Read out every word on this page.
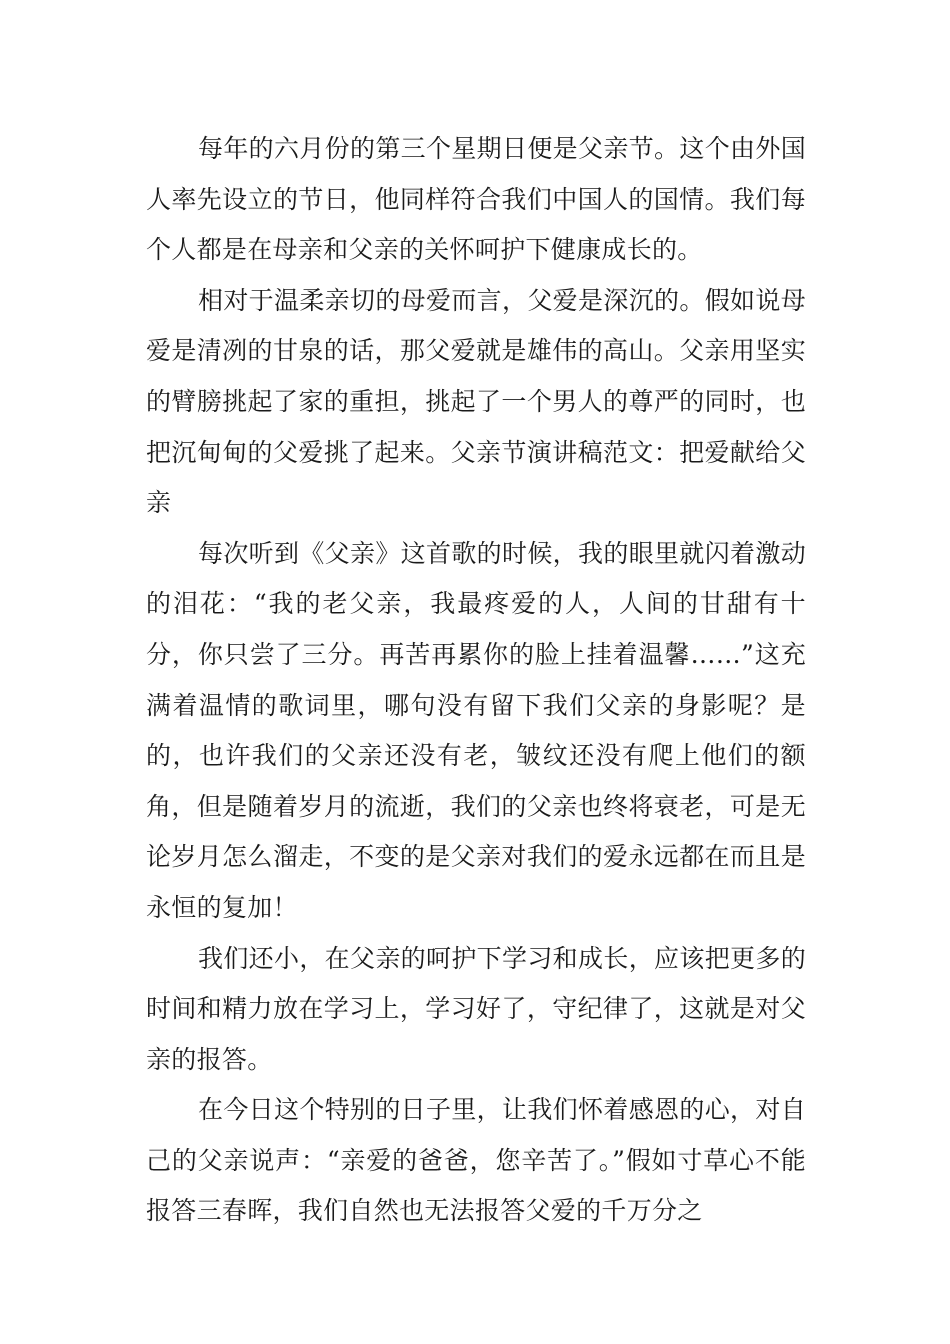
每年的六月份的第三个星期日便是父亲节。这个由外国人率先设立的节日，他同样符合我们中国人的国情。我们每个人都是在母亲和父亲的关怀呵护下健康成长的。

相对于温柔亲切的母爱而言，父爱是深沉的。假如说母爱是清冽的甘泉的话，那父爱就是雄伟的高山。父亲用坚实的臂膀挑起了家的重担，挑起了一个男人的尊严的同时，也把沉甸甸的父爱挑了起来。父亲节演讲稿范文：把爱献给父亲

每次听到《父亲》这首歌的时候，我的眼里就闪着激动的泪花：“我的老父亲，我最疼爱的人，人间的甘甜有十分，你只尝了三分。再苦再累你的脸上挂着温馨……”这充满着温情的歌词里，哪句没有留下我们父亲的身影呢？是的，也许我们的父亲还没有老，皱纹还没有爬上他们的额角，但是随着岁月的流逝，我们的父亲也终将衰老，可是无论岁月怎么溜走，不变的是父亲对我们的爱永远都在而且是永恒的复加！

我们还小，在父亲的呵护下学习和成长，应该把更多的时间和精力放在学习上，学习好了，守纪律了，这就是对父亲的报答。

在今日这个特别的日子里，让我们怀着感恩的心，对自己的父亲说声：“亲爱的爸爸，您辛苦了。”假如寸草心不能报答三春晖，我们自然也无法报答父爱的千万分之
